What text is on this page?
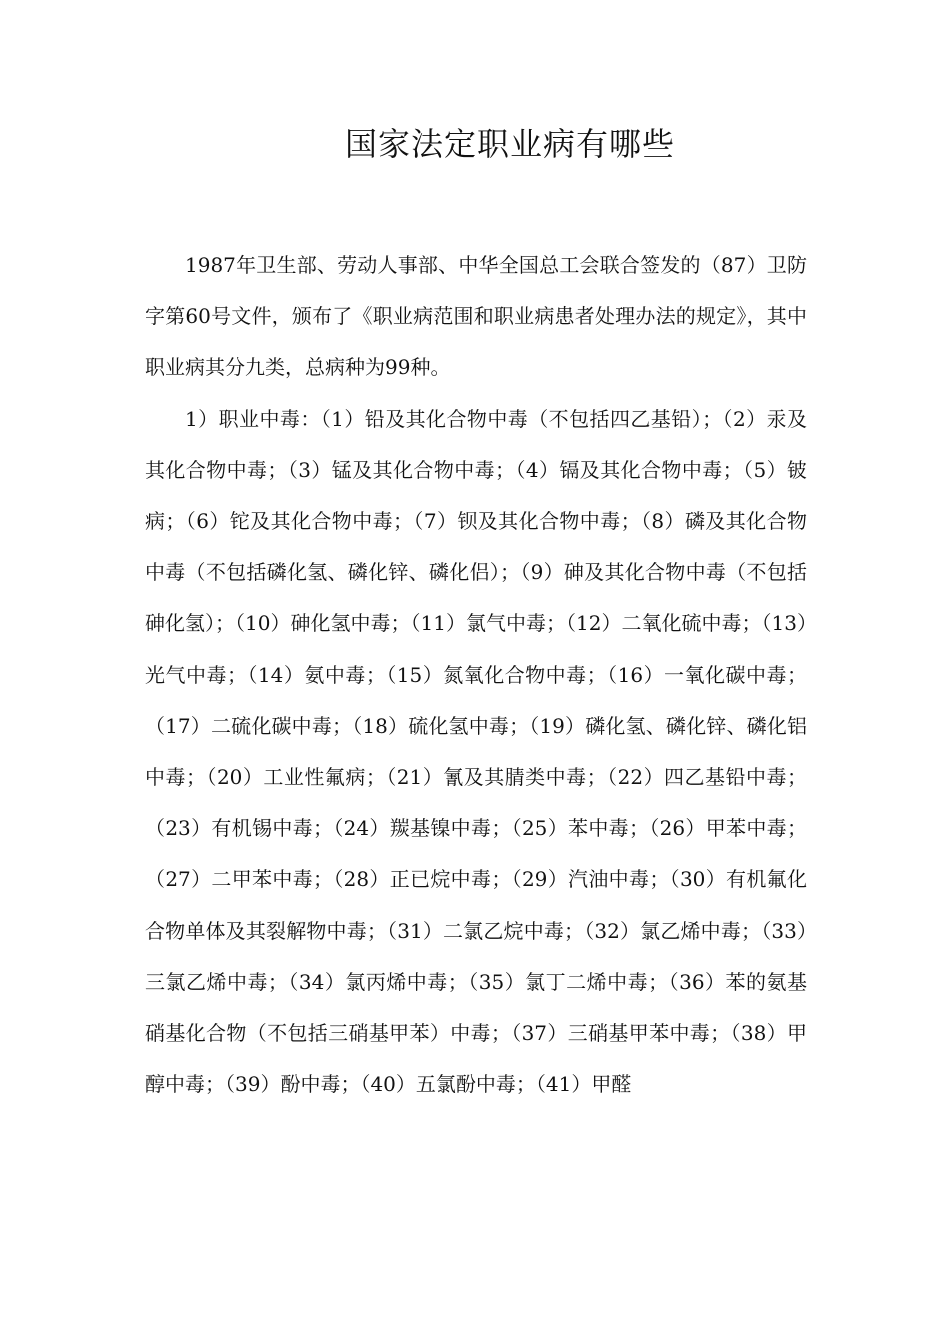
国家法定职业病有哪些

1987年卫生部、劳动人事部、中华全国总工会联合签发的（87）卫防字第60号文件，颁布了《职业病范围和职业病患者处理办法的规定》，其中职业病其分九类，总病种为99种。

1）职业中毒：（1）铅及其化合物中毒（不包括四乙基铅）；（2）汞及其化合物中毒；（3）锰及其化合物中毒；（4）镉及其化合物中毒；（5）铍病；（6）铊及其化合物中毒；（7）钡及其化合物中毒；（8）磷及其化合物中毒（不包括磷化氢、磷化锌、磷化侣）；（9）砷及其化合物中毒（不包括砷化氢）；（10）砷化氢中毒；（11）氯气中毒；（12）二氧化硫中毒；（13）光气中毒；（14）氨中毒；（15）氮氧化合物中毒；（16）一氧化碳中毒；（17）二硫化碳中毒；（18）硫化氢中毒；（19）磷化氢、磷化锌、磷化铝中毒；（20）工业性氟病；（21）氰及其腈类中毒；（22）四乙基铅中毒；（23）有机锡中毒；（24）羰基镍中毒；（25）苯中毒；（26）甲苯中毒；（27）二甲苯中毒；（28）正已烷中毒；（29）汽油中毒；（30）有机氟化合物单体及其裂解物中毒；（31）二氯乙烷中毒；（32）氯乙烯中毒；（33）三氯乙烯中毒；（34）氯丙烯中毒；（35）氯丁二烯中毒；（36）苯的氨基硝基化合物（不包括三硝基甲苯）中毒；（37）三硝基甲苯中毒；（38）甲醇中毒；（39）酚中毒；（40）五氯酚中毒；（41）甲醛
